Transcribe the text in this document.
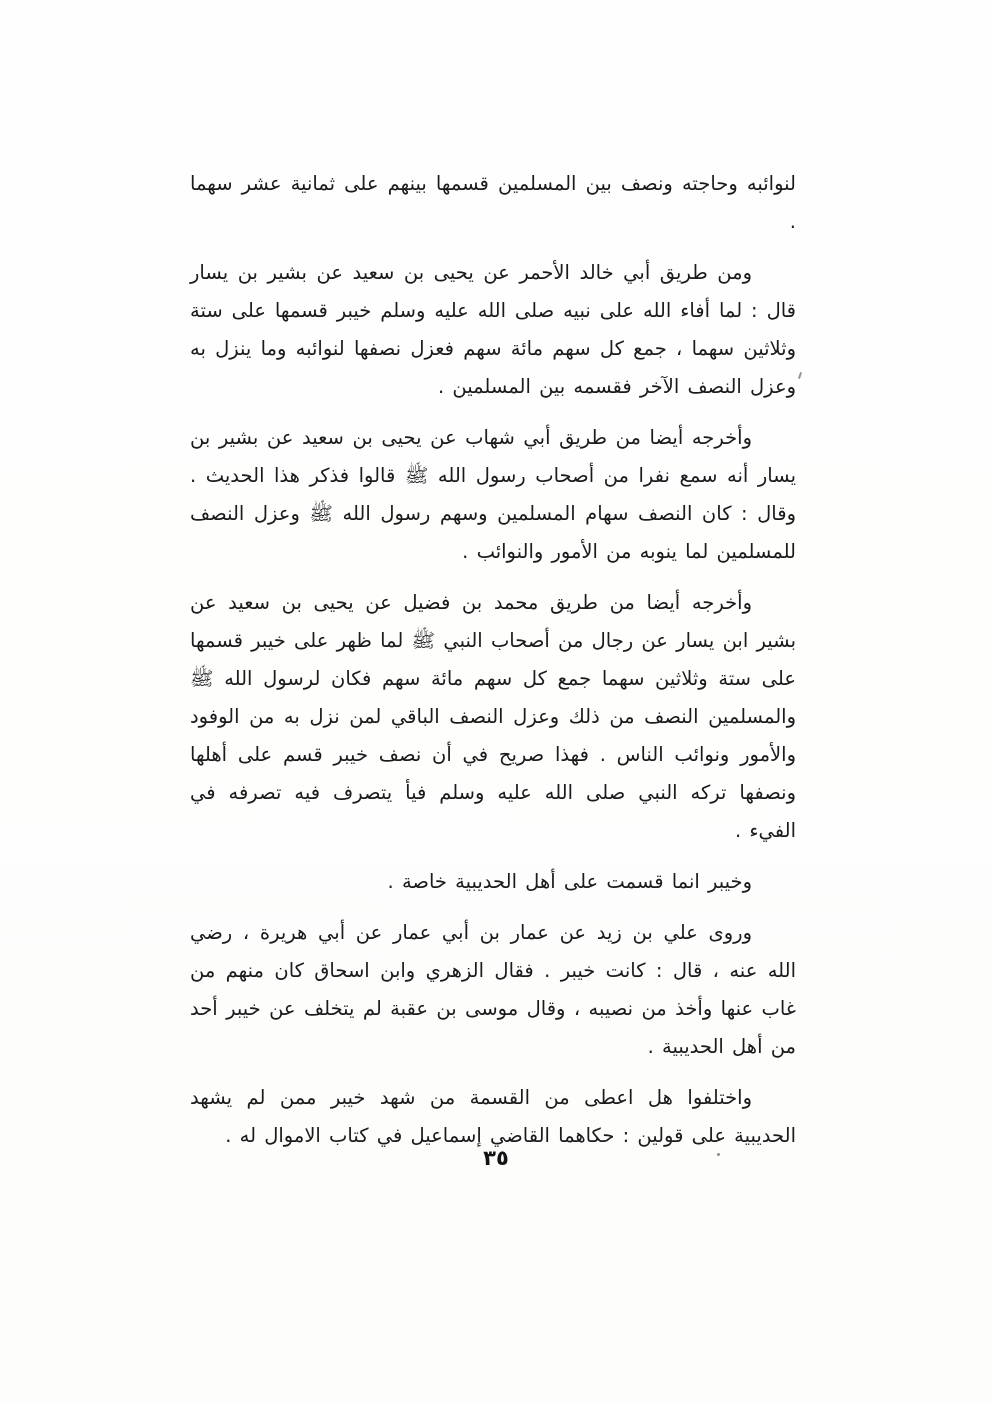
لنوائبه وحاجته ونصف بين المسلمين قسمها بينهم على ثمانية عشر سهما .

ومن طريق أبي خالد الأحمر عن يحيى بن سعيد عن بشير بن يسار قال : لما أفاء الله على نبيه صلى الله عليه وسلم خيبر قسمها على ستة وثلاثين سهما ، جمع كل سهم مائة سهم فعزل نصفها لنوائبه وما ينزل به وعزل النصف الآخر فقسمه بين المسلمين .

وأخرجه أيضا من طريق أبي شهاب عن يحيى بن سعيد عن بشير بن يسار أنه سمع نفرا من أصحاب رسول الله ﷺ قالوا فذكر هذا الحديث . وقال : كان النصف سهام المسلمين وسهم رسول الله ﷺ وعزل النصف للمسلمين لما ينوبه من الأمور والنوائب .

وأخرجه أيضا من طريق محمد بن فضيل عن يحيى بن سعيد عن بشير ابن يسار عن رجال من أصحاب النبي ﷺ لما ظهر على خيبر قسمها على ستة وثلاثين سهما جمع كل سهم مائة سهم فكان لرسول الله ﷺ والمسلمين النصف من ذلك وعزل النصف الباقي لمن نزل به من الوفود والأمور ونوائب الناس . فهذا صريح في أن نصف خيبر قسم على أهلها ونصفها تركه النبي صلى الله عليه وسلم فيأ يتصرف فيه تصرفه في الفيء .

وخيبر انما قسمت على أهل الحديبية خاصة .

وروى علي بن زيد عن عمار بن أبي عمار عن أبي هريرة ، رضي الله عنه ، قال : كانت خيبر . فقال الزهري وابن اسحاق كان منهم من غاب عنها وأخذ من نصيبه ، وقال موسى بن عقبة لم يتخلف عن خيبر أحد من أهل الحديبية .

واختلفوا هل اعطى من القسمة من شهد خيبر ممن لم يشهد الحديبية على قولين : حكاهما القاضي إسماعيل في كتاب الاموال له .

٣٥
